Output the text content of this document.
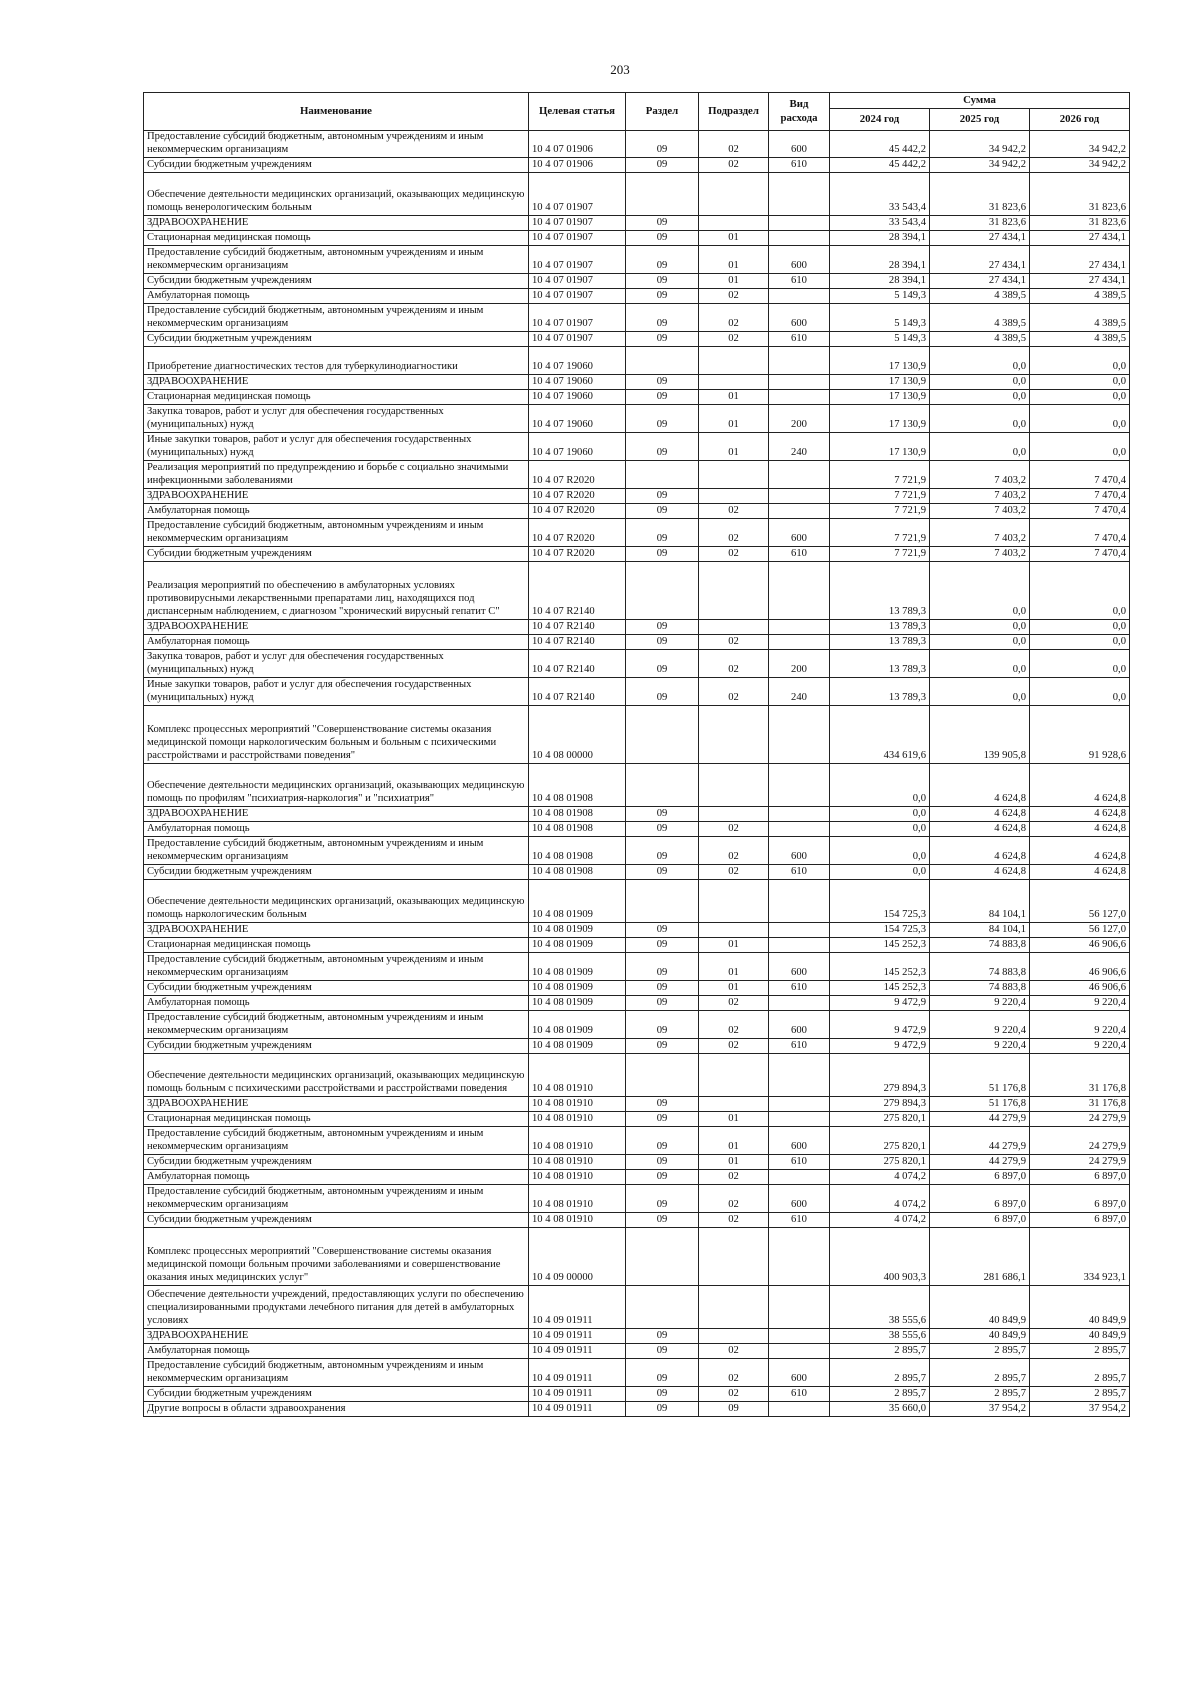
203
Наименование	Целевая статья	Раздел	Подраздел	Вид расхода	Сумма		
					2024 год	2025 год	2026 год
Предоставление субсидий бюджетным, автономным учреждениям и иным некоммерческим организациям	10 4 07 01906	09	02	600	45 442,2	34 942,2	34 942,2
Субсидии бюджетным учреждениям	10 4 07 01906	09	02	610	45 442,2	34 942,2	34 942,2
Обеспечение деятельности медицинских организаций, оказывающих медицинскую помощь венерологическим больным	10 4 07 01907				33 543,4	31 823,6	31 823,6
ЗДРАВООХРАНЕНИЕ	10 4 07 01907	09			33 543,4	31 823,6	31 823,6
Стационарная медицинская помощь	10 4 07 01907	09	01		28 394,1	27 434,1	27 434,1
Предоставление субсидий бюджетным, автономным учреждениям и иным некоммерческим организациям	10 4 07 01907	09	01	600	28 394,1	27 434,1	27 434,1
Субсидии бюджетным учреждениям	10 4 07 01907	09	01	610	28 394,1	27 434,1	27 434,1
Амбулаторная помощь	10 4 07 01907	09	02		5 149,3	4 389,5	4 389,5
Предоставление субсидий бюджетным, автономным учреждениям и иным некоммерческим организациям	10 4 07 01907	09	02	600	5 149,3	4 389,5	4 389,5
Субсидии бюджетным учреждениям	10 4 07 01907	09	02	610	5 149,3	4 389,5	4 389,5
Приобретение диагностических тестов для туберкулинодиагностики	10 4 07 19060				17 130,9	0,0	0,0
ЗДРАВООХРАНЕНИЕ	10 4 07 19060	09			17 130,9	0,0	0,0
Стационарная медицинская помощь	10 4 07 19060	09	01		17 130,9	0,0	0,0
Закупка товаров, работ и услуг для обеспечения государственных (муниципальных) нужд	10 4 07 19060	09	01	200	17 130,9	0,0	0,0
Иные закупки товаров, работ и услуг для обеспечения государственных (муниципальных) нужд	10 4 07 19060	09	01	240	17 130,9	0,0	0,0
Реализация мероприятий по предупреждению и борьбе с социально значимыми инфекционными заболеваниями	10 4 07 R2020				7 721,9	7 403,2	7 470,4
ЗДРАВООХРАНЕНИЕ	10 4 07 R2020	09			7 721,9	7 403,2	7 470,4
Амбулаторная помощь	10 4 07 R2020	09	02		7 721,9	7 403,2	7 470,4
Предоставление субсидий бюджетным, автономным учреждениям и иным некоммерческим организациям	10 4 07 R2020	09	02	600	7 721,9	7 403,2	7 470,4
Субсидии бюджетным учреждениям	10 4 07 R2020	09	02	610	7 721,9	7 403,2	7 470,4
Реализация мероприятий по обеспечению в амбулаторных условиях противовирусными лекарственными препаратами лиц, находящихся под диспансерным наблюдением, с диагнозом "хронический вирусный гепатит С"	10 4 07 R2140				13 789,3	0,0	0,0
ЗДРАВООХРАНЕНИЕ	10 4 07 R2140	09			13 789,3	0,0	0,0
Амбулаторная помощь	10 4 07 R2140	09	02		13 789,3	0,0	0,0
Закупка товаров, работ и услуг для обеспечения государственных (муниципальных) нужд	10 4 07 R2140	09	02	200	13 789,3	0,0	0,0
Иные закупки товаров, работ и услуг для обеспечения государственных (муниципальных) нужд	10 4 07 R2140	09	02	240	13 789,3	0,0	0,0
Комплекс процессных мероприятий "Совершенствование системы оказания медицинской помощи наркологическим больным и больным с психическими расстройствами и расстройствами поведения"	10 4 08 00000				434 619,6	139 905,8	91 928,6
Обеспечение деятельности медицинских организаций, оказывающих медицинскую помощь по профилям "психиатрия-наркология" и "психиатрия"	10 4 08 01908				0,0	4 624,8	4 624,8
ЗДРАВООХРАНЕНИЕ	10 4 08 01908	09			0,0	4 624,8	4 624,8
Амбулаторная помощь	10 4 08 01908	09	02		0,0	4 624,8	4 624,8
Предоставление субсидий бюджетным, автономным учреждениям и иным некоммерческим организациям	10 4 08 01908	09	02	600	0,0	4 624,8	4 624,8
Субсидии бюджетным учреждениям	10 4 08 01908	09	02	610	0,0	4 624,8	4 624,8
Обеспечение деятельности медицинских организаций, оказывающих медицинскую помощь наркологическим больным	10 4 08 01909				154 725,3	84 104,1	56 127,0
ЗДРАВООХРАНЕНИЕ	10 4 08 01909	09			154 725,3	84 104,1	56 127,0
Стационарная медицинская помощь	10 4 08 01909	09	01		145 252,3	74 883,8	46 906,6
Предоставление субсидий бюджетным, автономным учреждениям и иным некоммерческим организациям	10 4 08 01909	09	01	600	145 252,3	74 883,8	46 906,6
Субсидии бюджетным учреждениям	10 4 08 01909	09	01	610	145 252,3	74 883,8	46 906,6
Амбулаторная помощь	10 4 08 01909	09	02		9 472,9	9 220,4	9 220,4
Предоставление субсидий бюджетным, автономным учреждениям и иным некоммерческим организациям	10 4 08 01909	09	02	600	9 472,9	9 220,4	9 220,4
Субсидии бюджетным учреждениям	10 4 08 01909	09	02	610	9 472,9	9 220,4	9 220,4
Обеспечение деятельности медицинских организаций, оказывающих медицинскую помощь больным с психическими расстройствами и расстройствами поведения	10 4 08 01910				279 894,3	51 176,8	31 176,8
ЗДРАВООХРАНЕНИЕ	10 4 08 01910	09			279 894,3	51 176,8	31 176,8
Стационарная медицинская помощь	10 4 08 01910	09	01		275 820,1	44 279,9	24 279,9
Предоставление субсидий бюджетным, автономным учреждениям и иным некоммерческим организациям	10 4 08 01910	09	01	600	275 820,1	44 279,9	24 279,9
Субсидии бюджетным учреждениям	10 4 08 01910	09	01	610	275 820,1	44 279,9	24 279,9
Амбулаторная помощь	10 4 08 01910	09	02		4 074,2	6 897,0	6 897,0
Предоставление субсидий бюджетным, автономным учреждениям и иным некоммерческим организациям	10 4 08 01910	09	02	600	4 074,2	6 897,0	6 897,0
Субсидии бюджетным учреждениям	10 4 08 01910	09	02	610	4 074,2	6 897,0	6 897,0
Комплекс процессных мероприятий "Совершенствование системы оказания медицинской помощи больным прочими заболеваниями и совершенствование оказания иных медицинских услуг"	10 4 09 00000				400 903,3	281 686,1	334 923,1
Обеспечение деятельности учреждений, предоставляющих услуги по обеспечению специализированными продуктами лечебного питания для детей в амбулаторных условиях	10 4 09 01911				38 555,6	40 849,9	40 849,9
ЗДРАВООХРАНЕНИЕ	10 4 09 01911	09			38 555,6	40 849,9	40 849,9
Амбулаторная помощь	10 4 09 01911	09	02		2 895,7	2 895,7	2 895,7
Предоставление субсидий бюджетным, автономным учреждениям и иным некоммерческим организациям	10 4 09 01911	09	02	600	2 895,7	2 895,7	2 895,7
Субсидии бюджетным учреждениям	10 4 09 01911	09	02	610	2 895,7	2 895,7	2 895,7
Другие вопросы в области здравоохранения	10 4 09 01911	09	09		35 660,0	37 954,2	37 954,2
